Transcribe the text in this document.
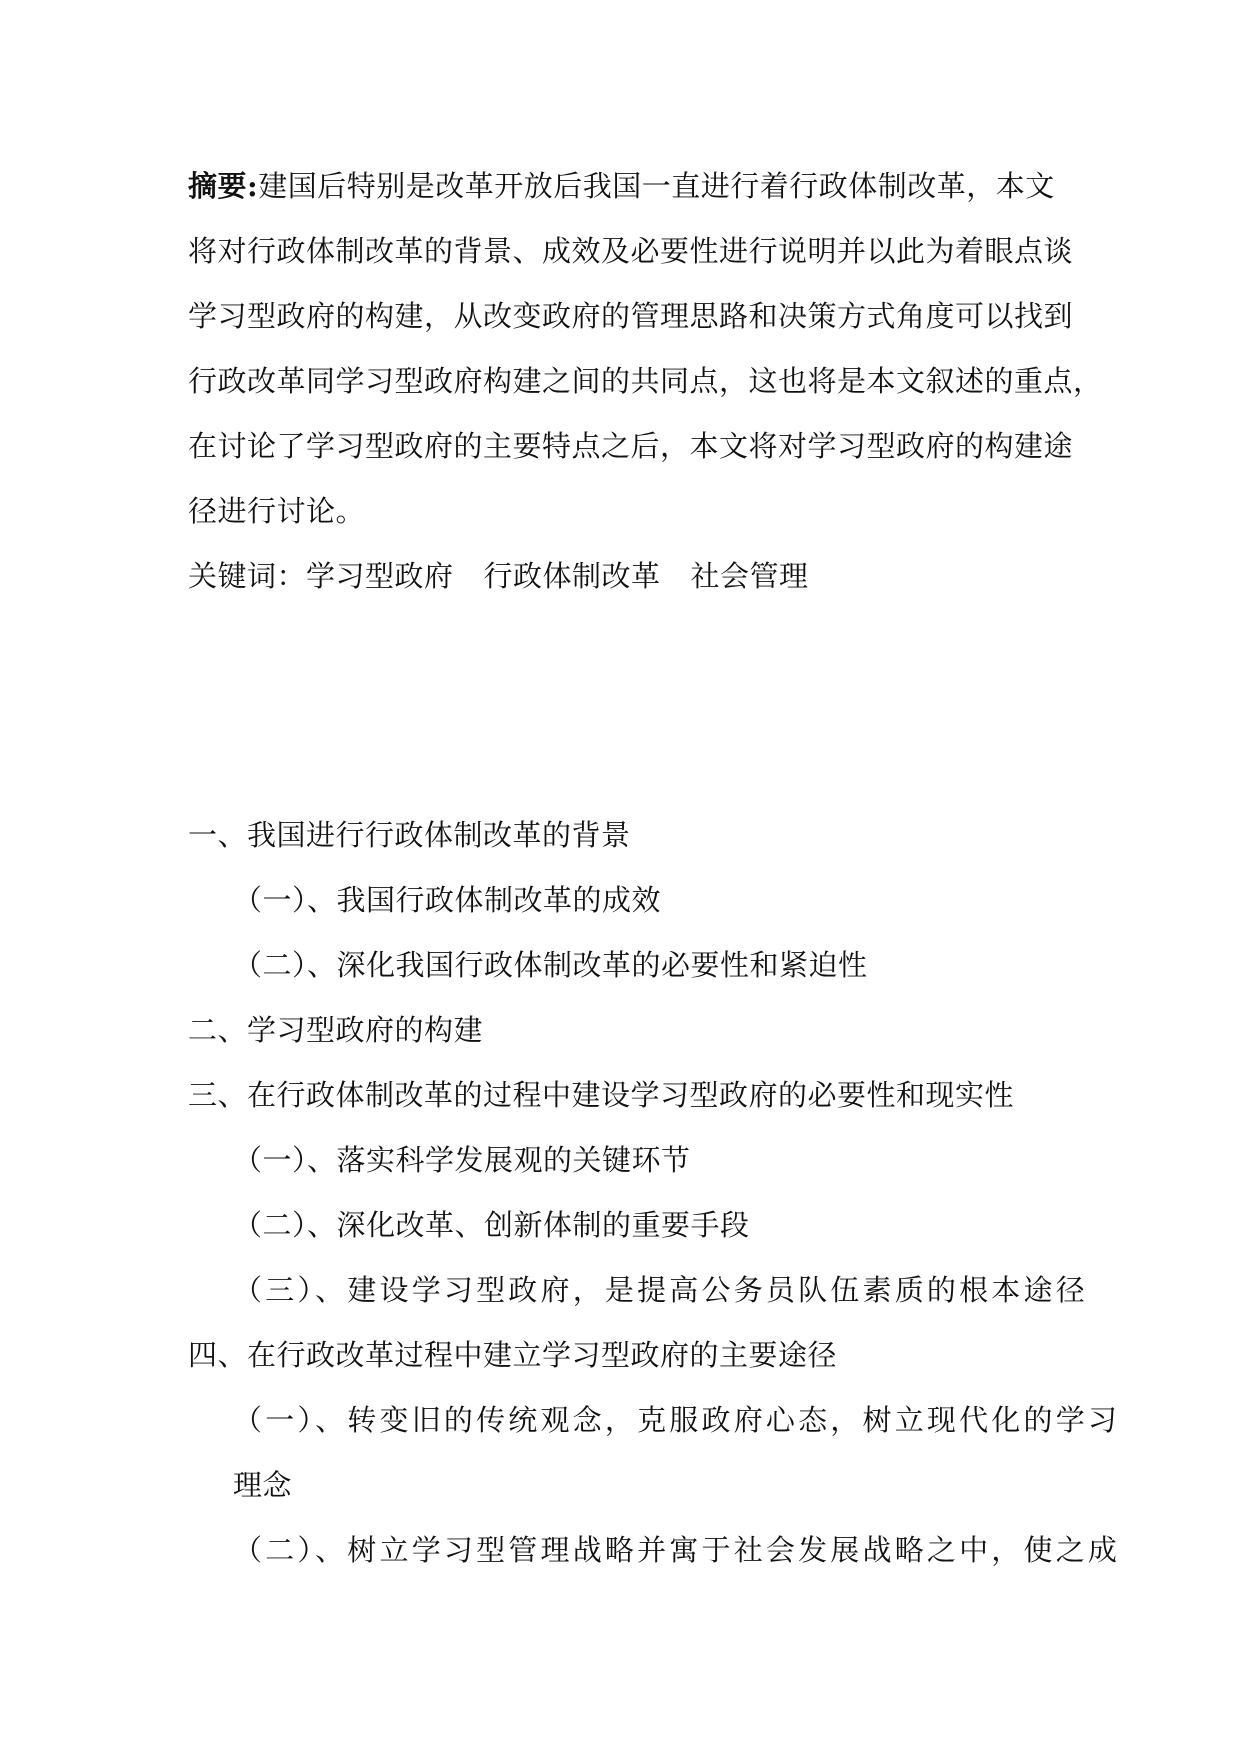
摘要:建国后特别是改革开放后我国一直进行着行政体制改革，本文
将对行政体制改革的背景、成效及必要性进行说明并以此为着眼点谈
学习型政府的构建，从改变政府的管理思路和决策方式角度可以找到
行政改革同学习型政府构建之间的共同点，这也将是本文叙述的重点，
在讨论了学习型政府的主要特点之后，本文将对学习型政府的构建途
径进行讨论。
关键词：学习型政府 行政体制改革 社会管理
一、我国进行行政体制改革的背景
（一）、我国行政体制改革的成效
（二）、深化我国行政体制改革的必要性和紧迫性
二、学习型政府的构建
三、在行政体制改革的过程中建设学习型政府的必要性和现实性
（一）、落实科学发展观的关键环节
（二）、深化改革、创新体制的重要手段
（三）、建设学习型政府，是提高公务员队伍素质的根本途径
四、在行政改革过程中建立学习型政府的主要途径
（一）、转变旧的传统观念，克服政府心态，树立现代化的学习
理念
（二）、树立学习型管理战略并寓于社会发展战略之中，使之成
